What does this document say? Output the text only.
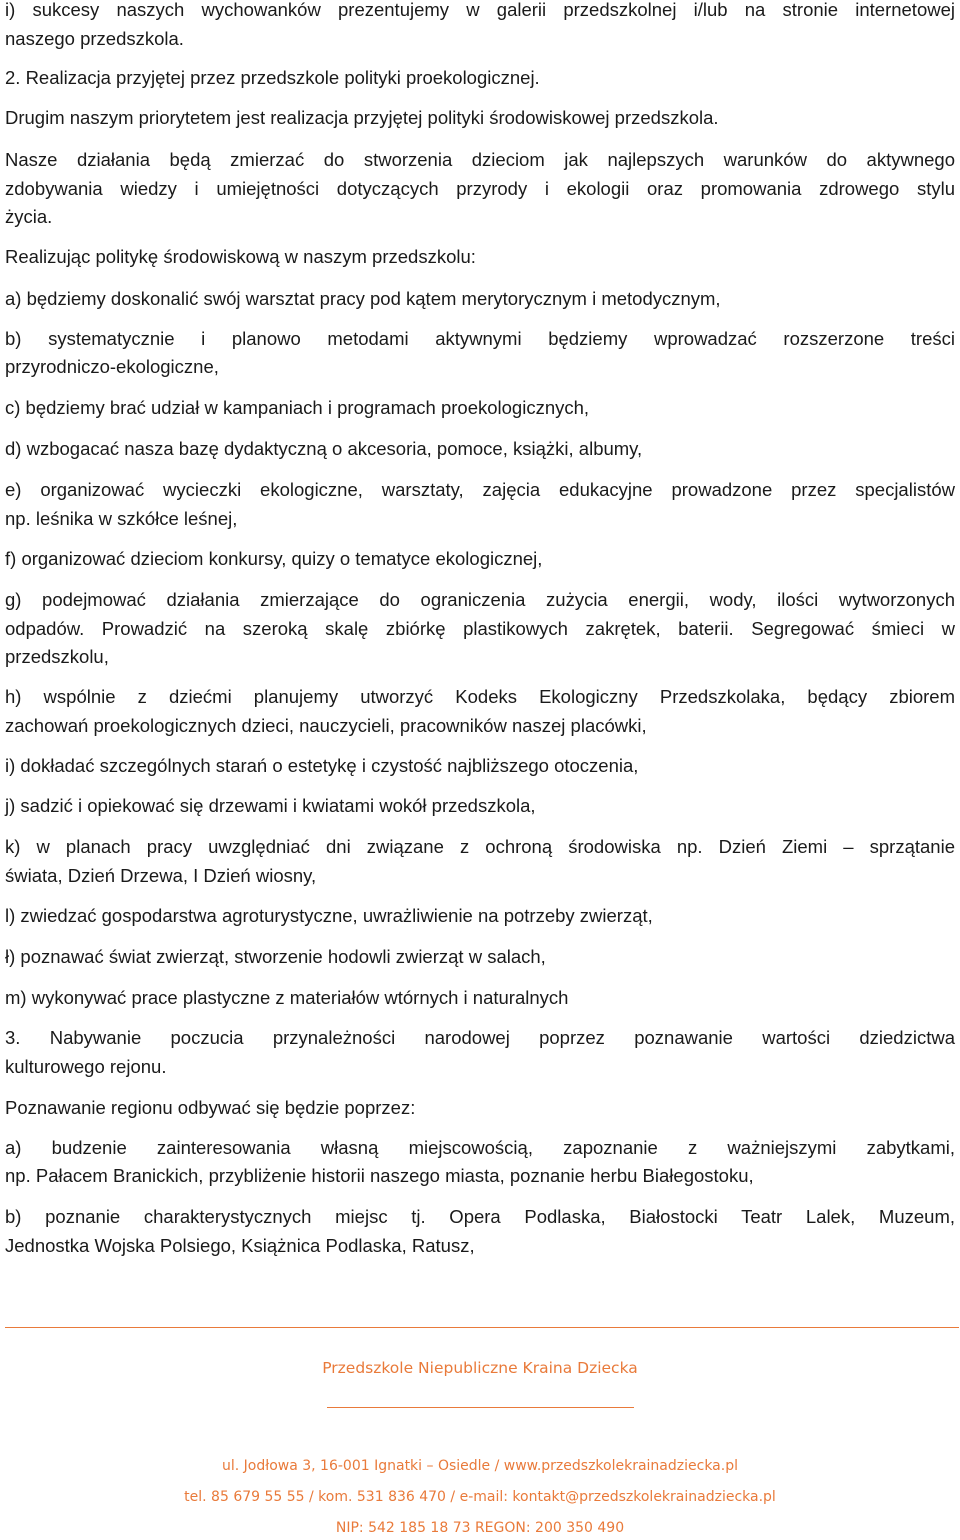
i) sukcesy naszych wychowanków prezentujemy w galerii przedszkolnej i/lub na stronie internetowej

naszego przedszkola.

2. Realizacja przyjętej przez przedszkole polityki proekologicznej.

Drugim naszym priorytetem jest realizacja przyjętej polityki środowiskowej przedszkola.

Nasze działania będą zmierzać do stworzenia dzieciom jak najlepszych warunków do aktywnego

zdobywania wiedzy i umiejętności dotyczących przyrody i ekologii oraz promowania zdrowego stylu

życia.

Realizując politykę środowiskową w naszym przedszkolu:

a) będziemy doskonalić swój warsztat pracy pod kątem merytorycznym i metodycznym,

b) systematycznie i planowo metodami aktywnymi będziemy wprowadzać rozszerzone treści

przyrodniczo-ekologiczne,

c) będziemy brać udział w kampaniach i programach proekologicznych,

d) wzbogacać nasza bazę dydaktyczną o akcesoria, pomoce, książki, albumy,

e) organizować wycieczki ekologiczne, warsztaty, zajęcia edukacyjne prowadzone przez specjalistów

np. leśnika w szkółce leśnej,

f) organizować dzieciom konkursy, quizy o tematyce ekologicznej,

g) podejmować działania zmierzające do ograniczenia zużycia energii, wody, ilości wytworzonych

odpadów. Prowadzić na szeroką skalę zbiórkę plastikowych zakrętek, baterii. Segregować śmieci w

przedszkolu,

h) wspólnie z dziećmi planujemy utworzyć Kodeks Ekologiczny Przedszkolaka, będący zbiorem

zachowań proekologicznych dzieci, nauczycieli, pracowników naszej placówki,

i) dokładać szczególnych starań o estetykę i czystość najbliższego otoczenia,

j) sadzić i opiekować się drzewami i kwiatami wokół przedszkola,

k) w planach pracy uwzględniać dni związane z ochroną środowiska np. Dzień Ziemi – sprzątanie

świata, Dzień Drzewa, I Dzień wiosny,

l) zwiedzać gospodarstwa agroturystyczne, uwrażliwienie na potrzeby zwierząt,

ł) poznawać świat zwierząt, stworzenie hodowli zwierząt w salach,

m) wykonywać prace plastyczne z materiałów wtórnych i naturalnych

3. Nabywanie poczucia przynależności narodowej poprzez poznawanie wartości dziedzictwa

kulturowego rejonu.

Poznawanie regionu odbywać się będzie poprzez:

a) budzenie zainteresowania własną miejscowością, zapoznanie z ważniejszymi zabytkami,

np. Pałacem Branickich, przybliżenie historii naszego miasta, poznanie herbu Białegostoku,

b) poznanie charakterystycznych miejsc tj. Opera Podlaska, Białostocki Teatr Lalek, Muzeum,

Jednostka Wojska Polsiego, Książnica Podlaska, Ratusz,

Przedszkole Niepubliczne Kraina Dziecka

ul. Jodłowa 3, 16-001 Ignatki – Osiedle / www.przedszkolekrainadziecka.pl

tel. 85 679 55 55 / kom. 531 836 470 / e-mail: kontakt@przedszkolekrainadziecka.pl

NIP: 542 185 18 73 REGON: 200 350 490
